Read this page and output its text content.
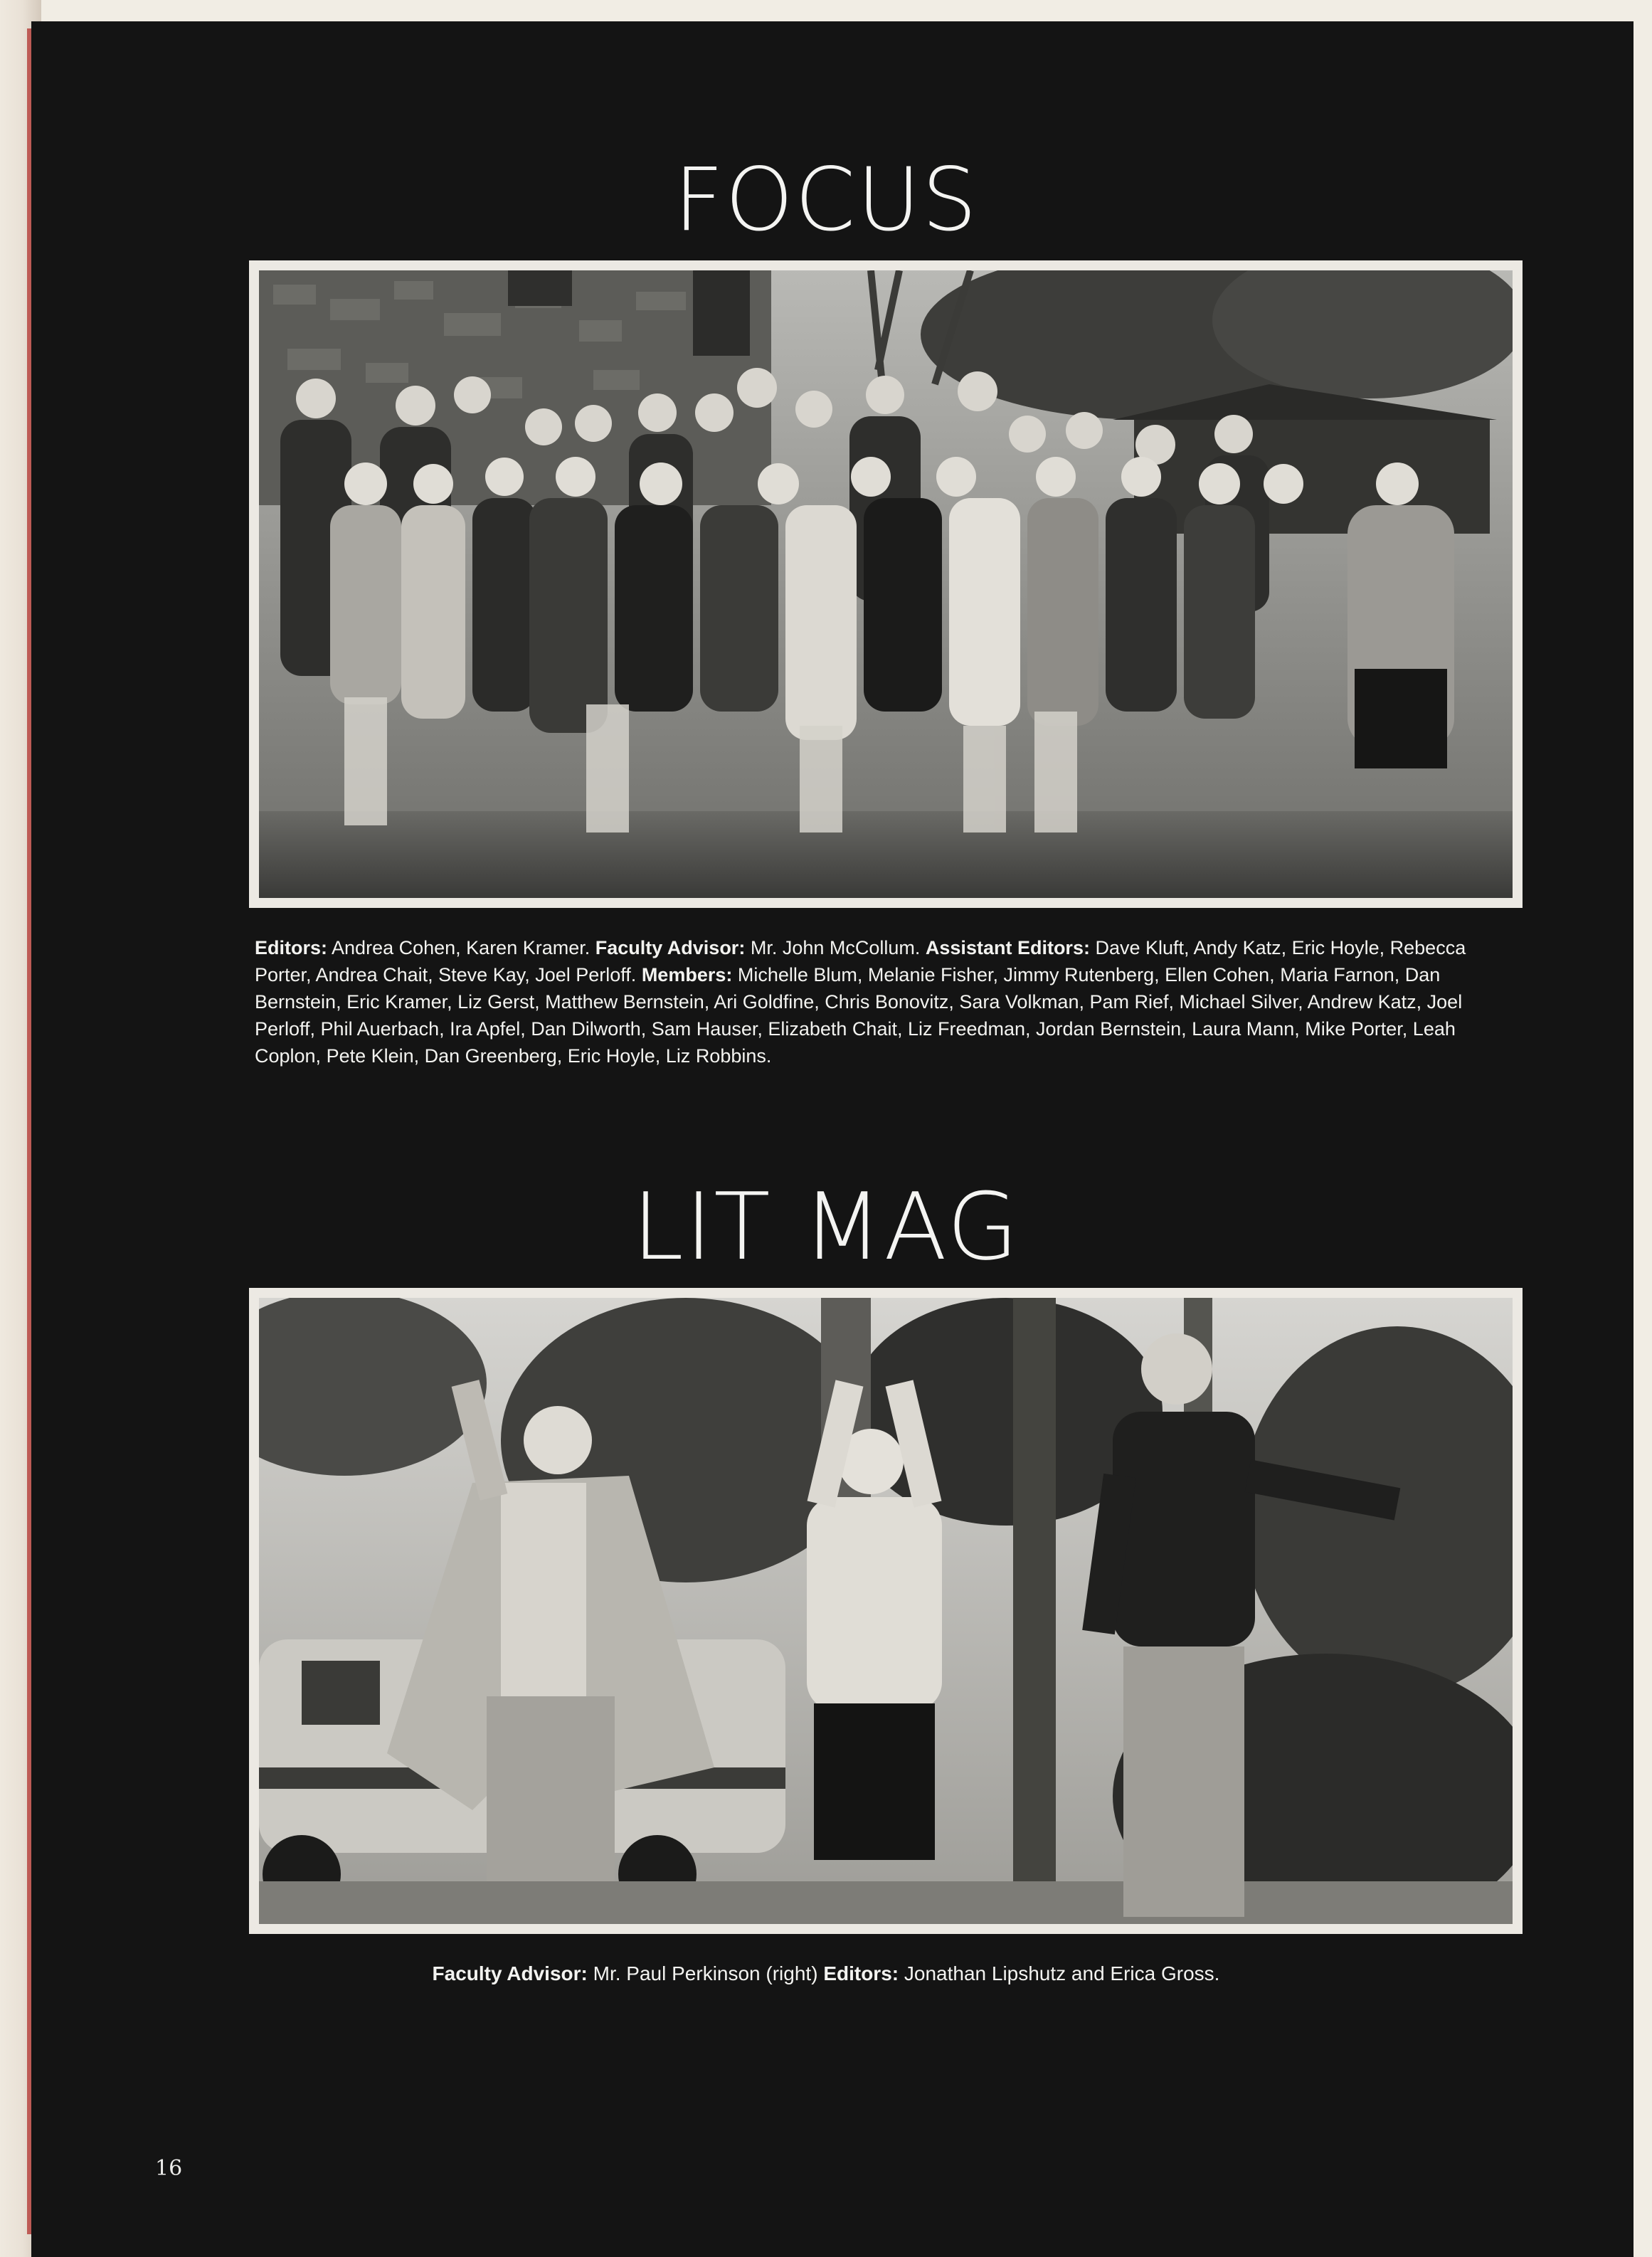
FOCUS

Editors: Andrea Cohen, Karen Kramer. Faculty Advisor: Mr. John McCollum. Assistant Editors: Dave Kluft, Andy Katz, Eric Hoyle, Rebecca Porter, Andrea Chait, Steve Kay, Joel Perloff. Members: Michelle Blum, Melanie Fisher, Jimmy Rutenberg, Ellen Cohen, Maria Farnon, Dan Bernstein, Eric Kramer, Liz Gerst, Matthew Bernstein, Ari Goldfine, Chris Bonovitz, Sara Volkman, Pam Rief, Michael Silver, Andrew Katz, Joel Perloff, Phil Auerbach, Ira Apfel, Dan Dilworth, Sam Hauser, Elizabeth Chait, Liz Freedman, Jordan Bernstein, Laura Mann, Mike Porter, Leah Coplon, Pete Klein, Dan Greenberg, Eric Hoyle, Liz Robbins.

LIT MAG

Faculty Advisor: Mr. Paul Perkinson (right) Editors: Jonathan Lipshutz and Erica Gross.

16
